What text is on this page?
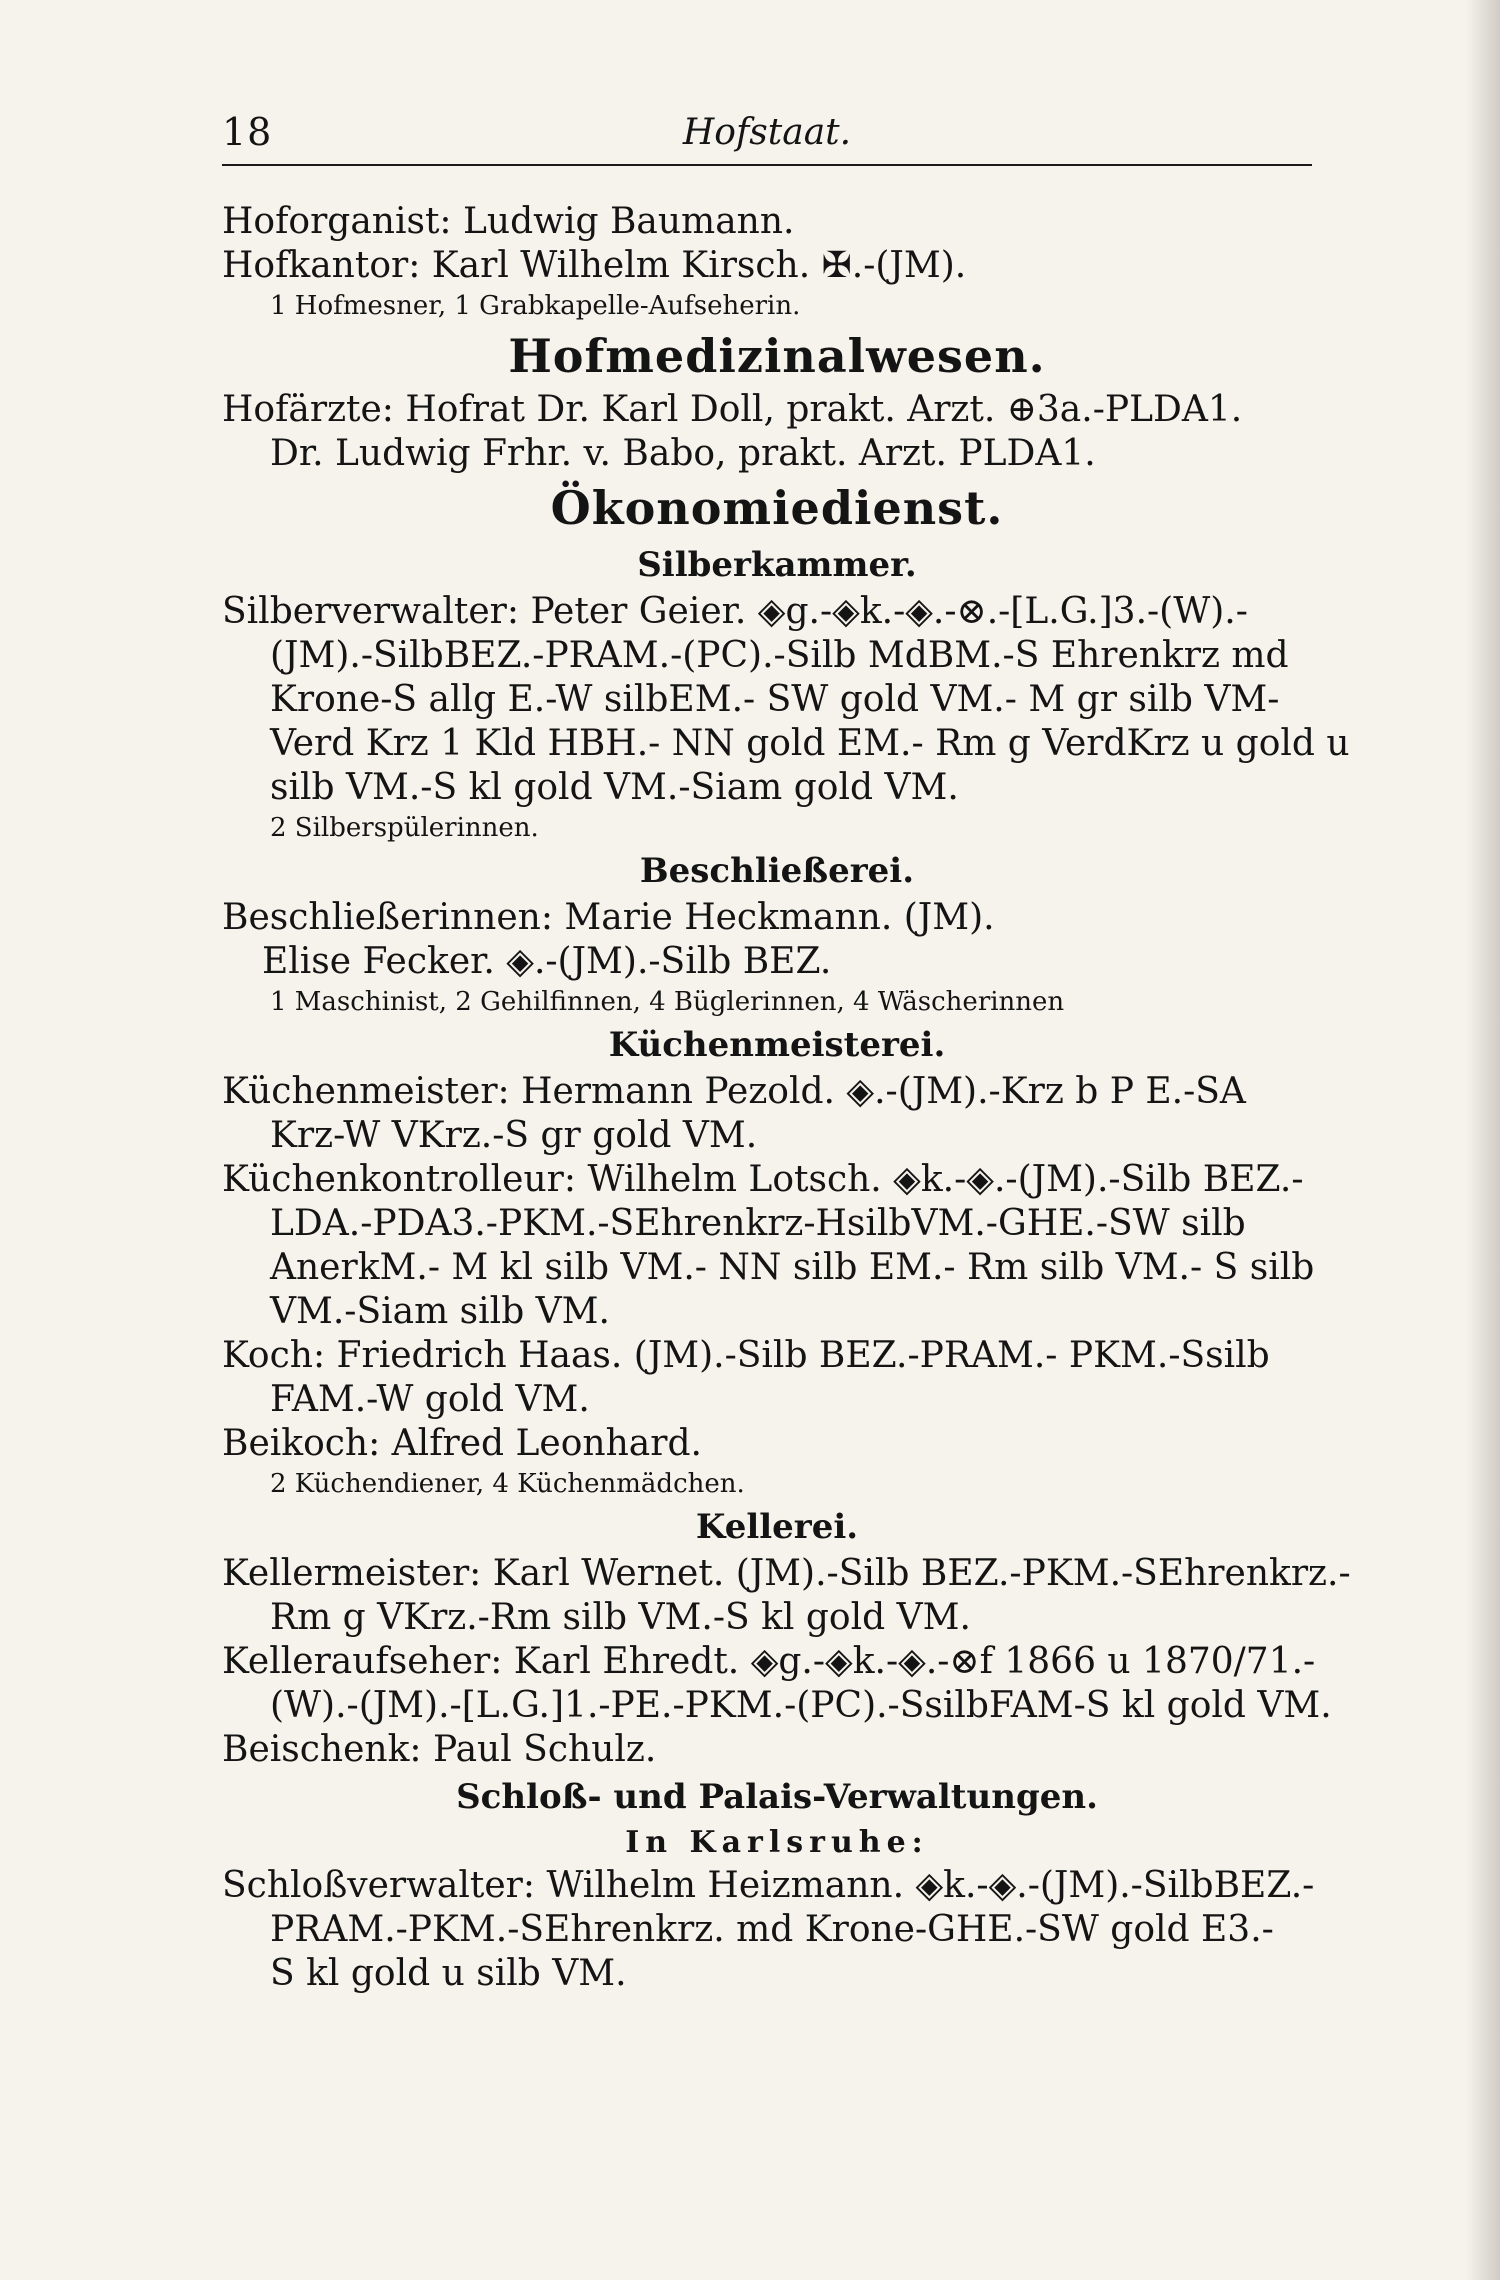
18	Hofstaat.
Hoforganist: Ludwig Baumann.
Hofkantor: Karl Wilhelm Kirsch. ✠.-(JM).
1 Hofmesner, 1 Grabkapelle-Aufseherin.
Hofmedizinalwesen.
Hofärzte: Hofrat Dr. Karl Doll, prakt. Arzt. ⊕3a.-PLDA1.
Dr. Ludwig Frhr. v. Babo, prakt. Arzt. PLDA1.
Ökonomiedienst.
Silberkammer.
Silberverwalter: Peter Geier. ◈g.-◈k.-◈.-⊗.-[L.G.]3.-(W).-
(JM).-SilbBEZ.-PRAM.-(PC).-Silb MdBM.-S Ehrenkrz md
Krone-S allg E.-W silbEM.- SW gold VM.- M gr silb VM-
Verd Krz 1 Kld HBH.- NN gold EM.- Rm g VerdKrz u gold u
silb VM.-S kl gold VM.-Siam gold VM.
2 Silberspülerinnen.
Beschließerei.
Beschließerinnen: Marie Heckmann. (JM).
Elise Fecker. ◈.-(JM).-Silb BEZ.
1 Maschinist, 2 Gehilfinnen, 4 Büglerinnen, 4 Wäscherinnen
Küchenmeisterei.
Küchenmeister: Hermann Pezold. ◈.-(JM).-Krz b P E.-SA
Krz-W VKrz.-S gr gold VM.
Küchenkontrolleur: Wilhelm Lotsch. ◈k.-◈.-(JM).-Silb BEZ.-
LDA.-PDA3.-PKM.-SEhrenkrz-HsilbVM.-GHE.-SW silb
AnerkM.- M kl silb VM.- NN silb EM.- Rm silb VM.- S silb
VM.-Siam silb VM.
Koch: Friedrich Haas. (JM).-Silb BEZ.-PRAM.- PKM.-Ssilb
FAM.-W gold VM.
Beikoch: Alfred Leonhard.
2 Küchendiener, 4 Küchenmädchen.
Kellerei.
Kellermeister: Karl Wernet. (JM).-Silb BEZ.-PKM.-SEhrenkrz.-
Rm g VKrz.-Rm silb VM.-S kl gold VM.
Kelleraufseher: Karl Ehredt. ◈g.-◈k.-◈.-⊗f 1866 u 1870/71.-
(W).-(JM).-[L.G.]1.-PE.-PKM.-(PC).-SsilbFAM-S kl gold VM.
Beischenk: Paul Schulz.
Schloß- und Palais-Verwaltungen.
In Karlsruhe:
Schloßverwalter: Wilhelm Heizmann. ◈k.-◈.-(JM).-SilbBEZ.-
PRAM.-PKM.-SEhrenkrz. md Krone-GHE.-SW gold E3.-
S kl gold u silb VM.
